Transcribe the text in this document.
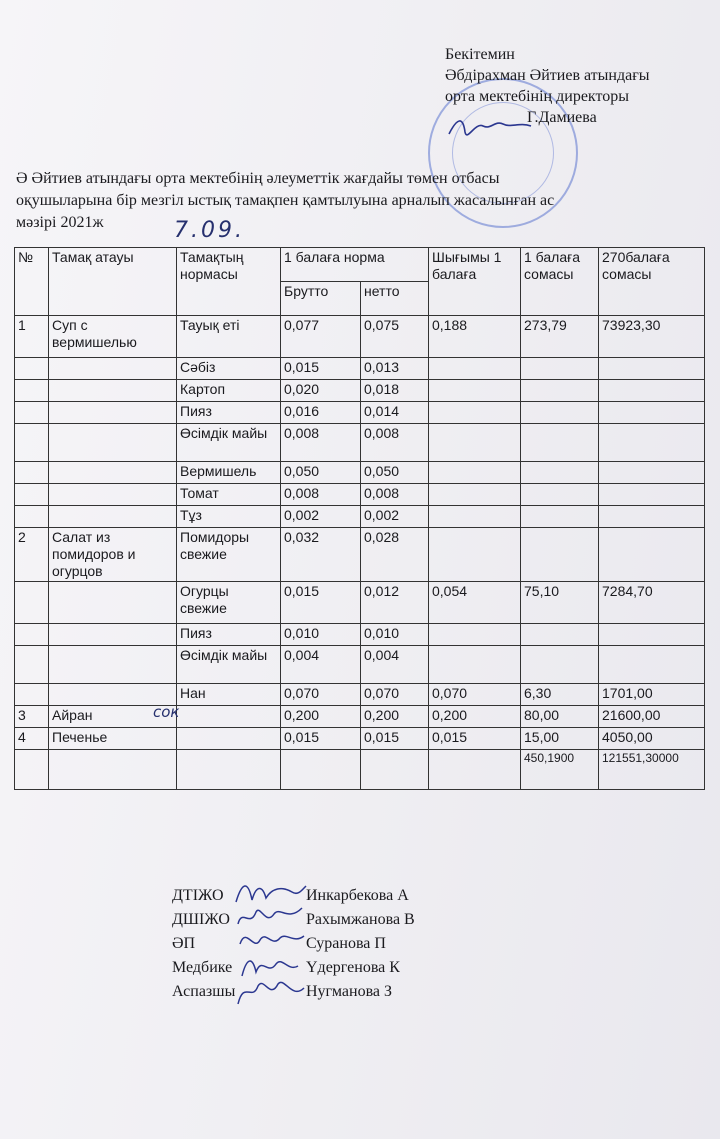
Бекітемин
Әбдірахман Әйтиев атындағы
орта мектебінің директоры
Г.Дамиева
Ә Әйтиев атындағы орта мектебінің әлеуметтік жағдайы төмен отбасы
оқушыларына бір мезгіл ыстық тамақпен қамтылуына арналып жасалынған ас
мәзірі 2021ж	7.09.
№	Тамақ атауы	Тамақтың нормасы	1 балаға норма		Шығымы 1 балаға	1 балаға сомасы	270балаға сомасы
			Брутто	нетто			
1	Суп с вермишелью	Тауық еті	0,077	0,075	0,188	273,79	73923,30
		Сәбіз	0,015	0,013			
		Картоп	0,020	0,018			
		Пияз	0,016	0,014			
		Өсімдік майы	0,008	0,008			
		Вермишель	0,050	0,050			
		Томат	0,008	0,008			
		Тұз	0,002	0,002			
2	Салат из помидоров и огурцов	Помидоры свежие	0,032	0,028			
		Огурцы свежие	0,015	0,012	0,054	75,10	7284,70
		Пияз	0,010	0,010			
		Өсімдік майы	0,004	0,004			
		Нан	0,070	0,070	0,070	6,30	1701,00
3	Айран сок		0,200	0,200	0,200	80,00	21600,00
4	Печенье		0,015	0,015	0,015	15,00	4050,00
						450,1900	121551,30000
ДТІЖО	Инкарбекова А
ДШІЖО	Рахымжанова В
ӘП	Суранова П
Медбике	Үдергенова К
Аспазшы	Нугманова З
